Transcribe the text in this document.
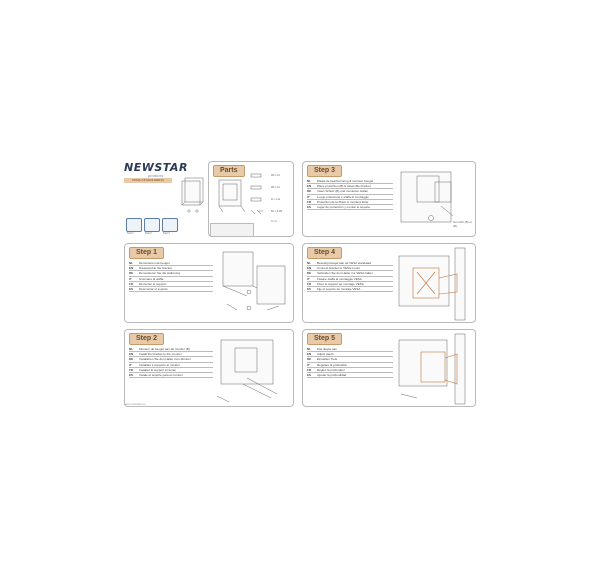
NEWSTAR
products
FPMA-CPUHOLDER10
Tool 1	Tool 2	Tool 3
Parts
M5 x 10
M6 x 12
D x 1 de
A 4	B1 x 8 M4
A x 4 ...
Step 1
NL	Demonteren de beugel
EN	Disassemble the bracket
DE	Demontieren Sie die Halterung
IT	Smontare la staffa
FR	Démonter le support
ES	Desmontar el soporte
Step 2
NL	Monteer de beugel aan de monitor (B)
EN	Install the bracket to the monitor
DE	Installieren Sie den Halter zum Monitor
IT	Installare il supporto al monitor
FR	Installez le support à l'écran
ES	Instale el soporte para el monitor
www.newstar.eu
Step 3
NL	Plaats de beschermring & monteer beugel
EN	Place protection (B) & assemble bracket
DE	Insert Schutz (B) und montieren Halter
IT	Luogo protezione e staffa di montaggio
FR	Protection de la Place & montera étrier
ES	Lugar de protección y montar el soporte
Not with (B) or (B)
Step 4
NL	Bevestig beugel aan de VESA standaard
EN	Connect bracket to VESA mount
DE	Verbinden Sie den Halter zur VESA-halter
IT	Fissare staffa al montaggio VESA
FR	Fixez le support au montage VESA
ES	Fije el soporte de montaje VESA
Step 5
NL	Pas diepte aan
EN	Adjust depth
DE	Einstellen Tiefe
IT	Regolare la profondità
FR	Réglez la profondeur
ES	Ajustar la profundidad
